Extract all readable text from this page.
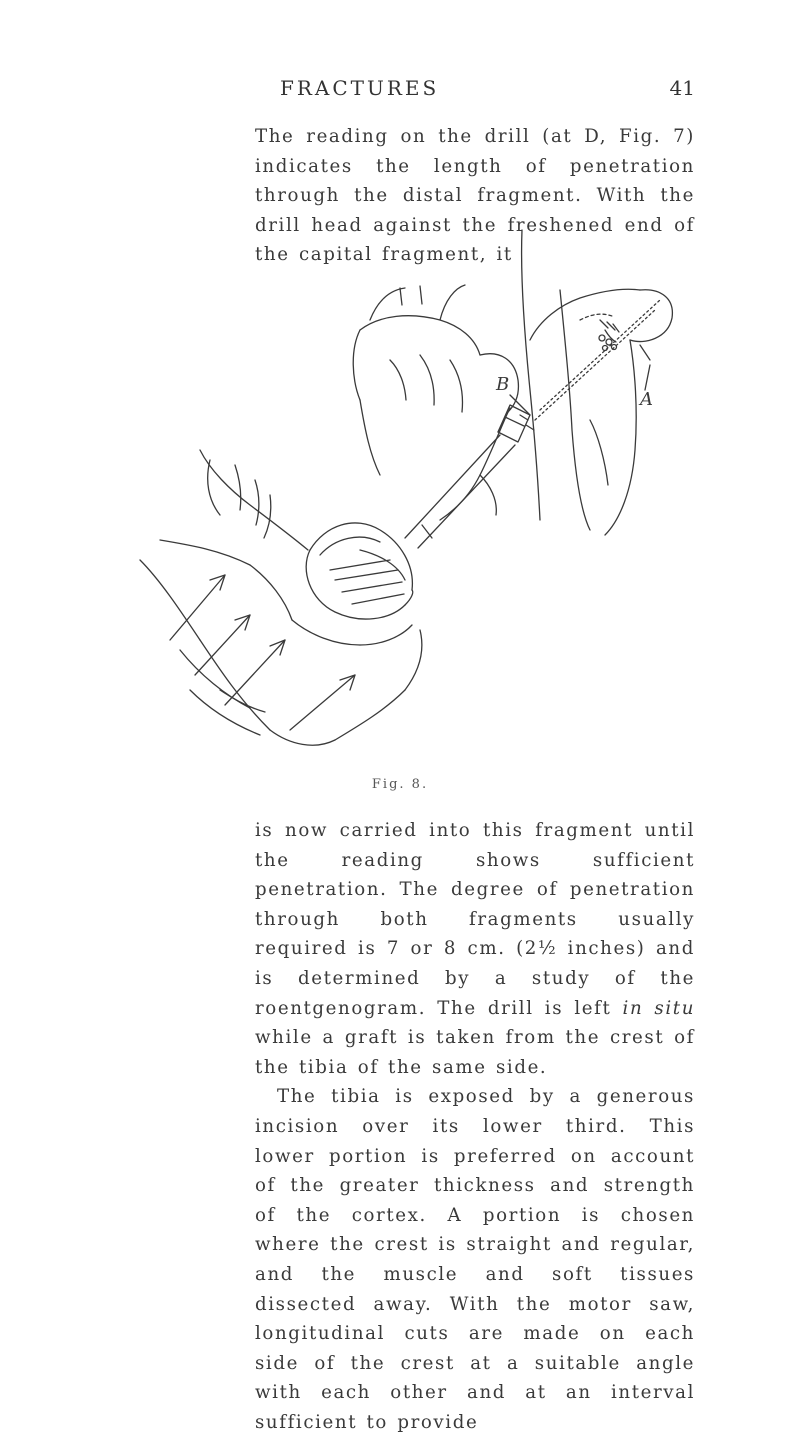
FRACTURES	41

The reading on the drill (at D, Fig. 7) indicates the length of penetration through the distal fragment. With the drill head against the freshened end of the capital fragment, it

B
A
Fig. 8.

is now carried into this fragment until the reading shows sufficient penetration. The degree of penetration through both fragments usually required is 7 or 8 cm. (2½ inches) and is determined by a study of the roentgenogram. The drill is left in situ while a graft is taken from the crest of the tibia of the same side.

The tibia is exposed by a generous incision over its lower third. This lower portion is preferred on account of the greater thickness and strength of the cortex. A portion is chosen where the crest is straight and regular, and the muscle and soft tissues dissected away. With the motor saw, longitudinal cuts are made on each side of the crest at a suitable angle with each other and at an interval sufficient to provide
